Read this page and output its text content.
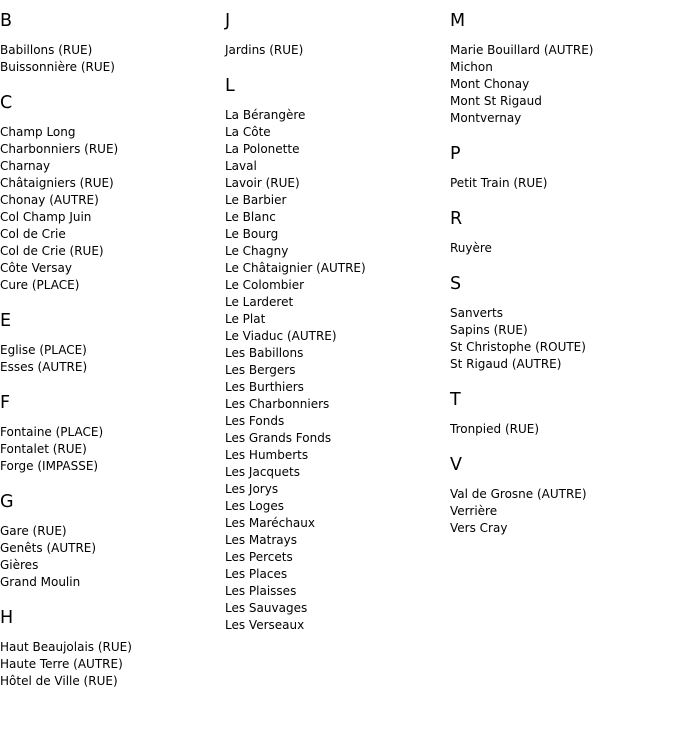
B
Babillons (RUE)
Buissonnière (RUE)
C
Champ Long
Charbonniers (RUE)
Charnay
Châtaigniers (RUE)
Chonay (AUTRE)
Col Champ Juin
Col de Crie
Col de Crie (RUE)
Côte Versay
Cure (PLACE)
E
Eglise (PLACE)
Esses (AUTRE)
F
Fontaine (PLACE)
Fontalet (RUE)
Forge (IMPASSE)
G
Gare (RUE)
Genêts (AUTRE)
Gières
Grand Moulin
H
Haut Beaujolais (RUE)
Haute Terre (AUTRE)
Hôtel de Ville (RUE)
J
Jardins (RUE)
L
La Bérangère
La Côte
La Polonette
Laval
Lavoir (RUE)
Le Barbier
Le Blanc
Le Bourg
Le Chagny
Le Châtaignier (AUTRE)
Le Colombier
Le Larderet
Le Plat
Le Viaduc (AUTRE)
Les Babillons
Les Bergers
Les Burthiers
Les Charbonniers
Les Fonds
Les Grands Fonds
Les Humberts
Les Jacquets
Les Jorys
Les Loges
Les Maréchaux
Les Matrays
Les Percets
Les Places
Les Plaisses
Les Sauvages
Les Verseaux
M
Marie Bouillard (AUTRE)
Michon
Mont Chonay
Mont St Rigaud
Montvernay
P
Petit Train (RUE)
R
Ruyère
S
Sanverts
Sapins (RUE)
St Christophe (ROUTE)
St Rigaud (AUTRE)
T
Tronpied (RUE)
V
Val de Grosne (AUTRE)
Verrière
Vers Cray
